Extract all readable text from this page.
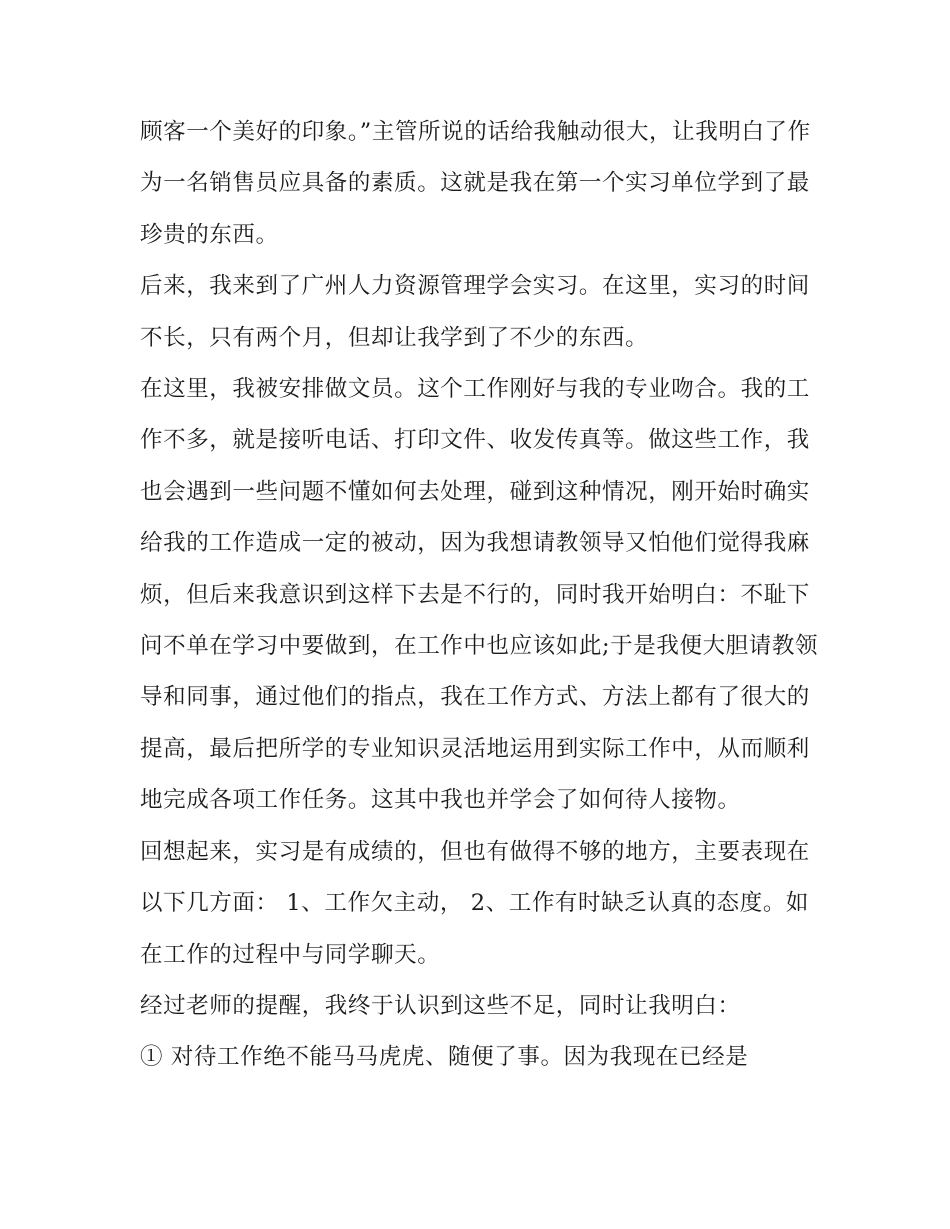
顾客一个美好的印象。”主管所说的话给我触动很大，让我明白了作为一名销售员应具备的素质。这就是我在第一个实习单位学到了最珍贵的东西。

后来，我来到了广州人力资源管理学会实习。在这里，实习的时间不长，只有两个月，但却让我学到了不少的东西。

在这里，我被安排做文员。这个工作刚好与我的专业吻合。我的工作不多，就是接听电话、打印文件、收发传真等。做这些工作，我也会遇到一些问题不懂如何去处理，碰到这种情况，刚开始时确实给我的工作造成一定的被动，因为我想请教领导又怕他们觉得我麻烦，但后来我意识到这样下去是不行的，同时我开始明白：不耻下问不单在学习中要做到，在工作中也应该如此;于是我便大胆请教领导和同事，通过他们的指点，我在工作方式、方法上都有了很大的提高，最后把所学的专业知识灵活地运用到实际工作中，从而顺利地完成各项工作任务。这其中我也并学会了如何待人接物。

回想起来，实习是有成绩的，但也有做得不够的地方，主要表现在以下几方面： 1、工作欠主动， 2、工作有时缺乏认真的态度。如在工作的过程中与同学聊天。

经过老师的提醒，我终于认识到这些不足，同时让我明白：

① 对待工作绝不能马马虎虎、随便了事。因为我现在已经是
